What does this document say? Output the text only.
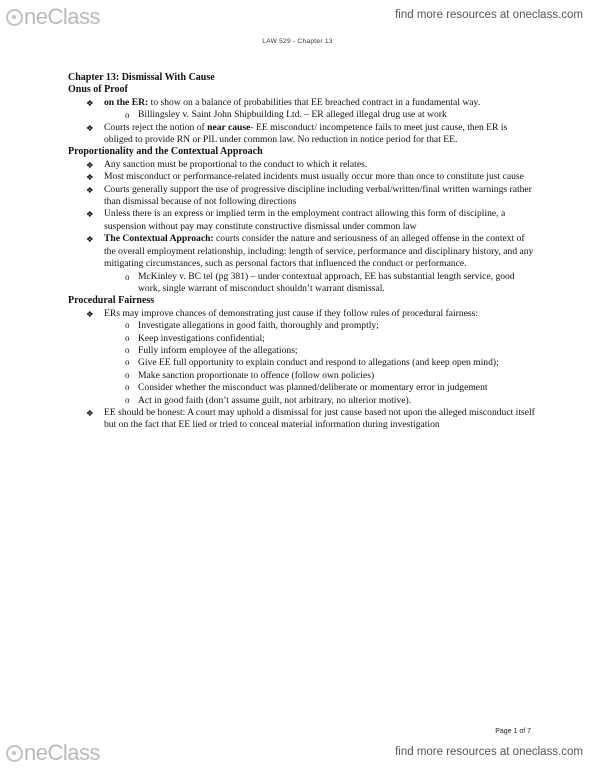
neClass	find more resources at oneclass.com
LAW 529 - Chapter 13

Chapter 13: Dismissal With Cause

Onus of Proof

❖ on the ER: to show on a balance of probabilities that EE breached contract in a fundamental way.
o Billingsley v. Saint John Shipbuilding Ltd. – ER alleged illegal drug use at work
❖ Courts reject the notion of near cause- EE misconduct/ incompetence fails to meet just cause, then ER is obliged to provide RN or PIL under common law. No reduction in notice period for that EE.

Proportionality and the Contextual Approach

❖ Any sanction must be proportional to the conduct to which it relates.
❖ Most misconduct or performance-related incidents must usually occur more than once to constitute just cause
❖ Courts generally support the use of progressive discipline including verbal/written/final written warnings rather than dismissal because of not following directions
❖ Unless there is an express or implied term in the employment contract allowing this form of discipline, a suspension without pay may constitute constructive dismissal under common law
❖ The Contextual Approach: courts consider the nature and seriousness of an alleged offense in the context of the overall employment relationship, including: length of service, performance and disciplinary history, and any mitigating circumstances, such as personal factors that influenced the conduct or performance.
o McKinley v. BC tel (pg 381) – under contextual approach, EE has substantial length service, good work, single warrant of misconduct shouldn’t warrant dismissal.

Procedural Fairness

❖ ERs may improve chances of demonstrating just cause if they follow rules of procedural fairness:
o Investigate allegations in good faith, thoroughly and promptly;
o Keep investigations confidential;
o Fully inform employee of the allegations;
o Give EE full opportunity to explain conduct and respond to allegations (and keep open mind);
o Make sanction proportionate to offence (follow own policies)
o Consider whether the misconduct was planned/deliberate or momentary error in judgement
o Act in good faith (don’t assume guilt, not arbitrary, no ulterior motive).
❖ EE should be honest: A court may uphold a dismissal for just cause based not upon the alleged misconduct itself but on the fact that EE lied or tried to conceal material information during investigation
Page 1 of 7
neClass	find more resources at oneclass.com
